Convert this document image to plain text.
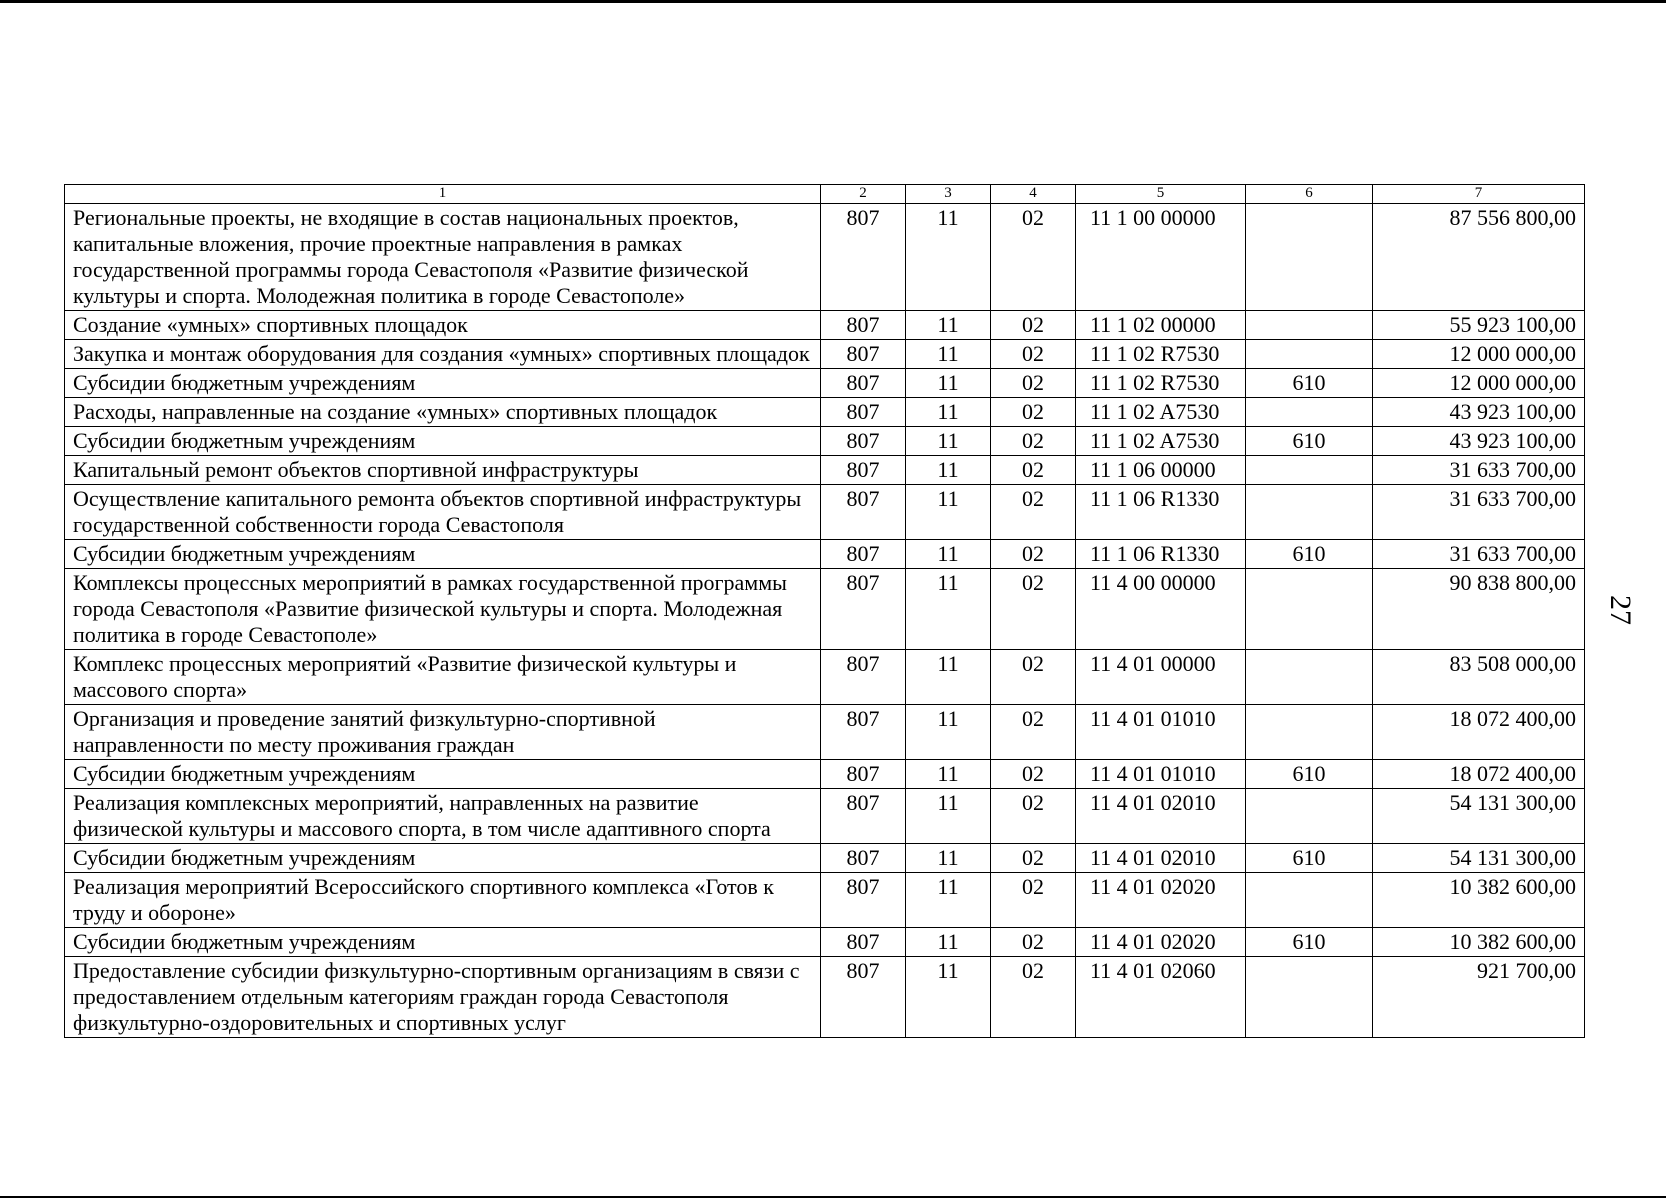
1	2	3	4	5	6	7
Региональные проекты, не входящие в состав национальных проектов, капитальные вложения, прочие проектные направления в рамках государственной программы города Севастополя «Развитие физической культуры и спорта. Молодежная политика в городе Севастополе»	807	11	02	11 1 00 00000		87 556 800,00
Создание «умных» спортивных площадок	807	11	02	11 1 02 00000		55 923 100,00
Закупка и монтаж оборудования для создания «умных» спортивных площадок	807	11	02	11 1 02 R7530		12 000 000,00
Субсидии бюджетным учреждениям	807	11	02	11 1 02 R7530	610	12 000 000,00
Расходы, направленные на создание «умных» спортивных площадок	807	11	02	11 1 02 A7530		43 923 100,00
Субсидии бюджетным учреждениям	807	11	02	11 1 02 A7530	610	43 923 100,00
Капитальный ремонт объектов спортивной инфраструктуры	807	11	02	11 1 06 00000		31 633 700,00
Осуществление капитального ремонта объектов спортивной инфраструктуры государственной собственности города Севастополя	807	11	02	11 1 06 R1330		31 633 700,00
Субсидии бюджетным учреждениям	807	11	02	11 1 06 R1330	610	31 633 700,00
Комплексы процессных мероприятий в рамках государственной программы города Севастополя «Развитие физической культуры и спорта. Молодежная политика в городе Севастополе»	807	11	02	11 4 00 00000		90 838 800,00
Комплекс процессных мероприятий «Развитие физической культуры и массового спорта»	807	11	02	11 4 01 00000		83 508 000,00
Организация и проведение занятий физкультурно-спортивной направленности по месту проживания граждан	807	11	02	11 4 01 01010		18 072 400,00
Субсидии бюджетным учреждениям	807	11	02	11 4 01 01010	610	18 072 400,00
Реализация комплексных мероприятий, направленных на развитие физической культуры и массового спорта, в том числе адаптивного спорта	807	11	02	11 4 01 02010		54 131 300,00
Субсидии бюджетным учреждениям	807	11	02	11 4 01 02010	610	54 131 300,00
Реализация мероприятий Всероссийского спортивного комплекса «Готов к труду и обороне»	807	11	02	11 4 01 02020		10 382 600,00
Субсидии бюджетным учреждениям	807	11	02	11 4 01 02020	610	10 382 600,00
Предоставление субсидии физкультурно-спортивным организациям в связи с предоставлением отдельным категориям граждан города Севастополя физкультурно-оздоровительных и спортивных услуг	807	11	02	11 4 01 02060		921 700,00
27
